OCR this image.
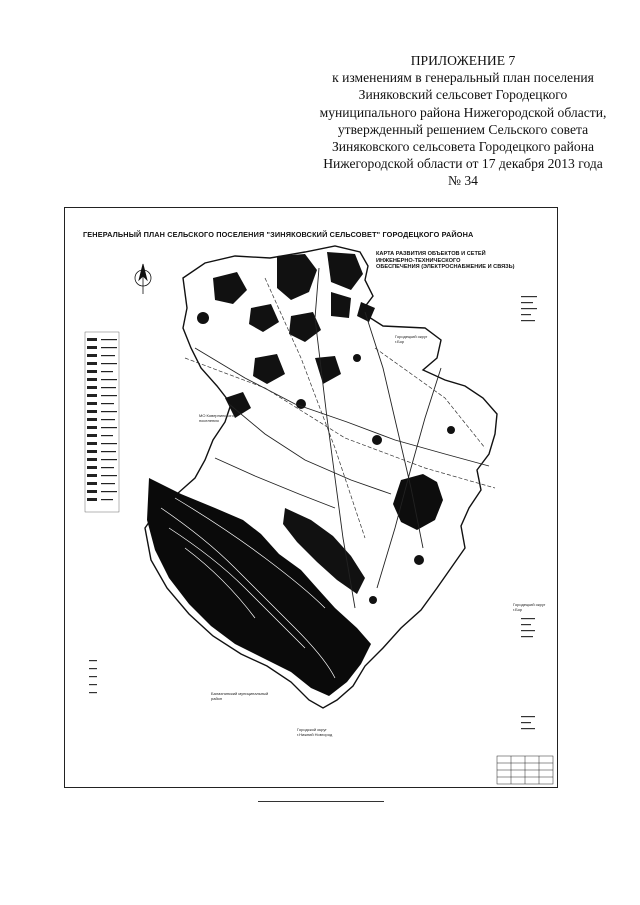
ПРИЛОЖЕНИЕ 7
к изменениям в генеральный план поселения
Зиняковский сельсовет Городецкого
муниципального района Нижегородской области,
утвержденный решением Сельского совета
Зиняковского сельсовета Городецкого района
Нижегородской области от 17 декабря 2013 года
№ 34
ГЕНЕРАЛЬНЫЙ ПЛАН СЕЛЬСКОГО ПОСЕЛЕНИЯ "ЗИНЯКОВСКИЙ СЕЛЬСОВЕТ" ГОРОДЕЦКОГО РАЙОНА
КАРТА РАЗВИТИЯ ОБЪЕКТОВ И СЕТЕЙ
ИНЖЕНЕРНО-ТЕХНИЧЕСКОГО
ОБЕСПЕЧЕНИЯ (ЭЛЕКТРОСНАБЖЕНИЕ И СВЯЗЬ)
Городецкий округ
г.Бор
МО Ковернинского
поселения
Городецкий округ
г.Бор
Балахнинский муниципальный
район
Городской округ
г.Нижний Новгород
